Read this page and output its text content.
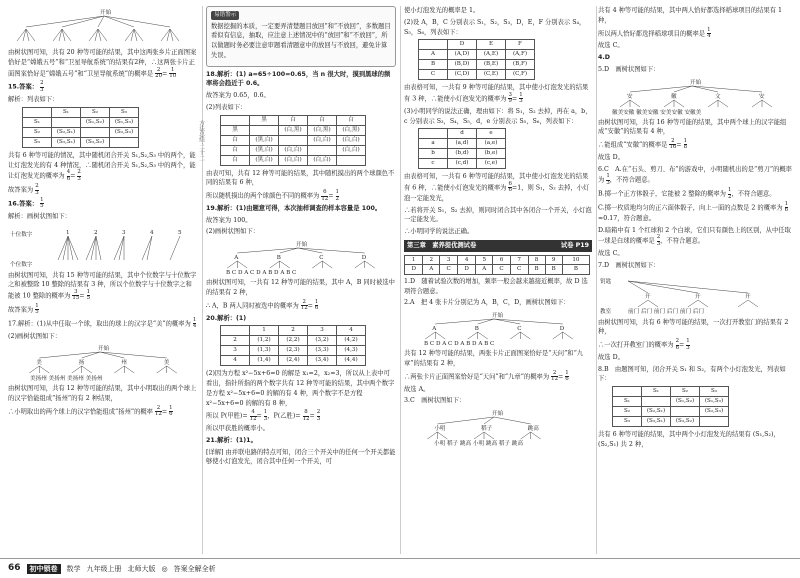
开始

由树状图可知，共有 20 种等可能的结果，其中这两张乡片正面图案恰好是“嫦娥五号”和“卫星导航系统”的结果有2种，∴这两张卡片正面图案恰好是“嫦娥五号”和“卫星导航系统”的概率是 $\frac{2}{20} = \frac{1}{10}$

15.答案： $\frac{2}{3}$

解析：列表如下：

	S₁	S₂	S₃
S₁		(S₁,S₂)	(S₁,S₃)
S₂	(S₂,S₁)		(S₂,S₃)
S₃	(S₃,S₁)	(S₃,S₂)	

共有 6 种等可能的情况，其中随机闭合开关 S₁,S₂,S₃ 中的两个，能让灯泡发光的有 4 种情况，∴随机闭合开关 S₁,S₂,S₃ 中的两个，能让灯泡发光的概率为 $\frac{4}{6} = \frac{2}{3}$

故答案为 $\frac{2}{3}$

16.答案： $\frac{1}{5}$

解析：画树状图如下：

十位数字
个位数字
1	2	3	4	5

由树状图可知，共有 15 种等可能的结果，其中个位数字与十位数字之和被整除 10 整除的结果有 3 种，所以个位数字与十位数字之和能被 10 整除的概率为 $\frac{3}{15} = \frac{1}{5}$

故答案为 $\frac{1}{5}$

17.解析：(1)从中任取一个球，取出的球上的汉字是“美”的概率为 $\frac{1}{4}$

(2)画树状图如下：

开始
美	扬	州	美
美扬州 美扬州 美扬州 美扬州

由树状图可知，共有 12 种等可能的结果，其中小明取出的两个球上的汉字恰能组成“扬州”的有 2 种结果，

∴小明取出的两个球上的汉字恰能组成“扬州”的概率 $\frac{2}{12} = \frac{1}{6}$

方法总结·二十二
易错警示

数据挖掘的本质，一定要弄清楚题目放回“和“不放回”，多数题目看似有信息，抽取，应注意上述情况中的“放回”和“不放回”，所以做题时务必要注意审题看清题意中的放回与不放回，避免计算失误。

18.解析：(1) a=65÷100=0.65，当 n 很大时，摸到黑球的频率将会趋近于 0.6。

故答案为 0.65，0.6。

(2)列表如下：

	黑	白	白	白
黑		(白,黑)	(白,黑)	(白,黑)
白	(黑,白)		(白,白)	(白,白)
白	(黑,白)	(白,白)		(白,白)
白	(黑,白)	(白,白)	(白,白)	

由表可知，共有 12 种等可能的结果，其中随机摸出的两个球颜色不同的结果有 6 种，

所以随机摸出的两个球颜色不同的概率为 $\frac{6}{12} = \frac{1}{2}$

19.解析：(1)由题意可得，本次抽样调查的样本容量是 100。

故答案为 100。

(2)画树状图如下：

开始
A	B	C	D
B C D A C D A B D A B C

由树状图可知，一共有 12 种等可能的结果，其中 A，B 同时被选中的结果有 2 种，

∴ A，B 两人同时被选中的概率为 $\frac{2}{12} = \frac{1}{6}$

20.解析：(1)

	1	2	3	4
2	(1,2)	(2,2)	(3,2)	(4,2)
3	(1,3)	(2,3)	(3,3)	(4,3)
4	(1,4)	(2,4)	(3,4)	(4,4)

(2)因为方程 x²−5x+6=0 的解是 x₁=2，x₂=3，所以从上表中可看出，指针所指的两个数字共有 12 种等可能的结果，其中两个数字是方程 x²−5x+6=0 的解的有 4 种，两个数字不是方程 x²−5x+6=0 的解的有 8 种，

所以 P(甲胜)= $\frac{4}{12} = \frac{1}{3}$ ，P(乙胜)= $\frac{8}{12} = \frac{2}{3}$

所以甲获胜的概率小。

21.解析：(1)1。

[详解] 由并联电路的特点可知，闭合三个开关中的任何一个开关都能够使小灯泡发光，闭合其中任何一个开关，可

使小灯泡发光的概率是 1。

(2)设 A，B，C 分别表示 S₁，S₂，S₃，D，E，F 分别表示 S₄，S₅，S₆，列表如下：

	D	E	F
A	(A,D)	(A,E)	(A,F)
B	(B,D)	(B,E)	(B,F)
C	(C,D)	(C,E)	(C,F)

由表格可知，一共有 9 种等可能的结果，其中使小灯泡发光的结果有 3 种，∴能使小灯泡发光的概率为 $\frac{3}{9} = \frac{1}{3}$

(3)小明同学的说法正确，理由如下：将 S₁，S₂ 去掉，再在 a，b，c 分别表示 S₃，S₄，S₅，d，e 分别表示 S₅，S₆，列表如下：

	d	e
a	(a,d)	(a,e)
b	(b,d)	(b,e)
c	(c,d)	(c,e)

由表格可知，一共有 6 种等可能的结果，其中使小灯泡发光的结果有 6 种，∴能使小灯泡发光的概率为 $\frac{6}{6} =1$，则 S₁，S₂ 去掉，小灯泡一定能发光，

∴若将开关 S₁，S₂ 去掉，则同时闭合其中各闭合一个开关，小灯泡一定能发光。

∴小明同学的说法正确。

第三章　素养提优测试卷	试卷 P19
1	2	3	4	5	6	7	8	9	10
D	A	C	D	A	C	C	B	B	B

1.D　随着试验次数的增加，频率一般会越来越接近概率，故 D 选项符合题意。

2.A　把 4 张卡片分别记为 A，B，C，D，画树状图如下：

开始
A	B	C	D
B C D A C D A B D A B C

共有 12 种等可能的结果，两张卡片正面图案恰好是“天问”和“九章”的结果有 2 种，

∴两张卡片正面图案恰好是“天问”和“九章”的概率为 $\frac{2}{12} = \frac{1}{6}$

故选 A。

3.C　画树状图如下：

开始
小明	稻子	跳高
小明 稻子 跳高 小明 跳高 稻子 跳高

共有 4 种等可能的结果，其中两人恰好都选择稻球项目的结果有 1 种，

所以两人恰好都选择稻球项目的概率是 $\frac{1}{4}$

故选 C。

4.D

5.D　画树状图如下：

开始
安	徽	文	安
徽美安徽 徽美安徽 安美安徽 安徽美

由树状图可知，共有 16 种等可能的结果，其中两个球上的汉字能组成“安徽”的结果有 4 种，

∴能组成“安徽”的概率是 $\frac{2}{16} = \frac{1}{8}$

故选 D。

6.C　A.在“石头、剪刀、布”的游戏中，小明随机出的是“剪刀”的概率为 $\frac{1}{3}$ ，不符合题意。

B.掷一个正方体骰子，它能被 2 整除的概率为 $\frac{1}{2}$ ，不符合题意。

C.掷一枚质地均匀的正六面体骰子，向上一面的点数是 2 的概率为 $\frac{1}{6}$
≈0.17，符合题意。

D.暗箱中有 1 个红球和 2 个白球，它们只有颜色上的区别，从中任取一球是白球的概率是 $\frac{2}{3}$ ，不符合题意。

故选 C。

7.D　画树状图如下：

钥匙
教室
开	开	开
前门 后门 前门 后门 前门 后门

由树状图可知，共有 6 种等可能的结果，一次打开教室门的结果有 2 种，

∴一次打开教室门的概率为 $\frac{2}{6} = \frac{1}{3}$

故选 D。

8.B　由题图可知，闭合开关 S₁ 和 S₂，有两个小灯泡发光，列表如下：

	S₁	S₂	S₃
S₁		(S₁,S₂)	(S₁,S₃)
S₂	(S₂,S₁)		(S₂,S₃)
S₃	(S₃,S₁)	(S₃,S₂)	

共有 6 种等可能的结果，其中两个小灯泡发光的结果有 (S₁,S₂)，(S₂,S₁) 共 2 种，

66	初中锁卷	数学 九年级上册 北师大版 ◎ 答案全解全析
